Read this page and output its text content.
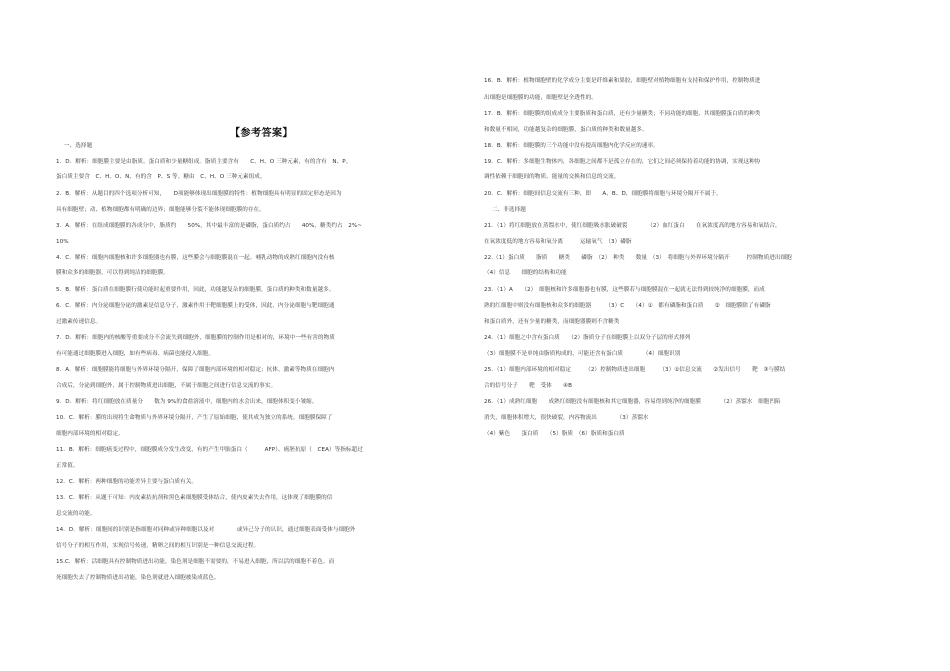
【参考答案】
一、选择题
1．D．解析：细胞膜主要是由脂质、蛋白质和少量糖组成。脂质主要含有　　C、H、O 三种元素，有的含有　N、P。
蛋白质主要含　C、H、O、N，有的含　P、S 等。糖由　C、H、O 三种元素组成。
2．B．解析：从题目的四个选项分析可知，　　D项能够体现出细胞膜的特性：植物细胞具有明显的固定形态是因为
具有细胞壁；动、植物细胞都有明确的边界；细胞能够分裂不能体现细胞膜的存在。
3．A．解析：在组成细胞膜的各成分中，脂质约　　50%，其中最丰富的是磷脂，蛋白质约占　　40%，糖类约占　2%~
10%
4．C．解析：细胞内细胞核和许多细胞器也有膜，这些膜会与细胞膜混在一起。哺乳动物的成熟红细胞内没有核
膜和众多的细胞器，可以得到纯洁的细胞膜。
5．B．解析：蛋白质在细胞膜行使功能时起重要作用，因此，功能越复杂的细胞膜，蛋白质的种类和数量越多。
6．C．解析：内分泌细胞分泌的激素是信息分子，激素作用于靶细胞膜上的受体，因此，内分泌细胞与靶细胞通
过激素传递信息。
7．D．解析：细胞内的核酸等重要成分不会流失到细胞外，细胞膜的控制作用是相对的，环境中一些有害的物质
有可能通过细胞膜进入细胞，如有些病毒、病菌也能侵入细胞。
8．A．解析：细胞膜能将细胞与外界环境分隔开，保障了细胞内部环境的相对稳定；抗体、激素等物质在细胞内
合成后，分泌到细胞外，属于控制物质进出细胞，不属于细胞之间进行信息交流的事实。
9．D．解析：将红细胞放在质量分　　数为 9%的食盐溶液中，细胞内的水会出来，细胞体积变小皱缩。
10．C．解析：膜的出现将生命物质与外界环境分隔开，产生了原始细胞，使其成为独立的系统。细胞膜保障了
细胞内部环境的相对稳定。
11．B．解析：细胞癌变过程中，细胞膜成分发生改变，有的产生甲胎蛋白（　　　AFP）、癌胚抗原（　CEA）等指标超过
正常值。
12．C．解析：两种细胞的功能差异主要与蛋白质有关。
13．C．解析：从题干可知：内皮素拮抗剂和黑色素细胞膜受体结合，使内皮素失去作用，这体现了细胞膜的信
息交流的功能。
14．D．解析：细胞间的识别是指细胞对同种或异种细胞以及对　　　　或异己分子的认识，通过细胞表面受体与细胞外
信号分子的相互作用，实现信号传递，精卵之间的相互识别是一种信息交流过程。
15.C．解析：活细胞具有控制物质进出功能，染色剂是细胞不需要的，不易进入细胞，所以活的细胞不着色。而
死细胞失去了控制物质进出功能，染色剂就进入细胞被染成蓝色。
16．B．解析：植物细胞壁的化学成分主要是纤维素和果胶，细胞壁对植物细胞有支持和保护作用，控制物质进
出细胞是细胞膜的功能，细胞壁是全透性的。
17．B．解析：细胞膜的组成成分主要脂质和蛋白质，还有少量糖类；不同功能的细胞，其细胞膜蛋白质的种类
和数量不相同，功能越复杂的细胞膜，蛋白质的种类和数量越多。
18．B．解析：细胞膜的三个功能中没有提高细胞内化学反应的速率。
19．C．解析：多细胞生物体内，各细胞之间都不是孤立存在的，它们之间必须保持着功能的协调，实现这种协
调性依赖于细胞间的物质、能量的交换和信息的交流。
20．C．解析：细胞间信息交流有三种，即　　A、B、D，细胞膜将细胞与环境分隔开不属于。
二、非选择题
21．（1）将红细胞放在蒸馏水中，使红细胞吸水胀破破裂　　　　（2）血红蛋白　　在氧浓度高的地方容易和氧结合，
在氧浓度低的地方容易和氧分离　　　运输氧气　（3）磷脂
22.（1）蛋白质　　脂质　　糖类　　磷脂　（2）　种类　　数量　（3）　将细胞与外界环境分隔开　　　控制物质进出细胞
（4）信息　　细胞的结构和功能
23．（1）A　　（2）　细胞核和许多细胞器也有膜，这些膜若与细胞膜混在一起就无法得到较纯净的细胞膜，而成
熟的红细胞中则没有细胞核和众多的细胞器　　　（3）C　　（4）①　都有磷脂和蛋白质　　②　细胞膜除了有磷脂
和蛋白质外，还有少量的糖类，而细胞器膜则不含糖类
24．（1）细胞之中含有蛋白质　　（2）脂质分子在细胞膜上以双分子层的形式排列
（3）细胞膜不是单纯由脂质构成的，可能还含有蛋白质　　　　（4）细胞识别
25．（1）细胞内部环境的相对稳定　　　（2）控制物质进出细胞　　　（3）①信息交流　　②发出信号　　靶　③与膜结
合的信号分子　　靶　受体　　④B
26．（1）成熟红细胞　　成熟红细胞没有细胞核和其它细胞器，容易得到纯净的细胞膜　　　　（2）蒸馏水　细胞凹陷
消失，细胞体积增大，很快破裂，内容物流出　　　　（3）蒸馏水
（4）紫色　　蛋白质　　（5）脂质　（6）脂质和蛋白质
